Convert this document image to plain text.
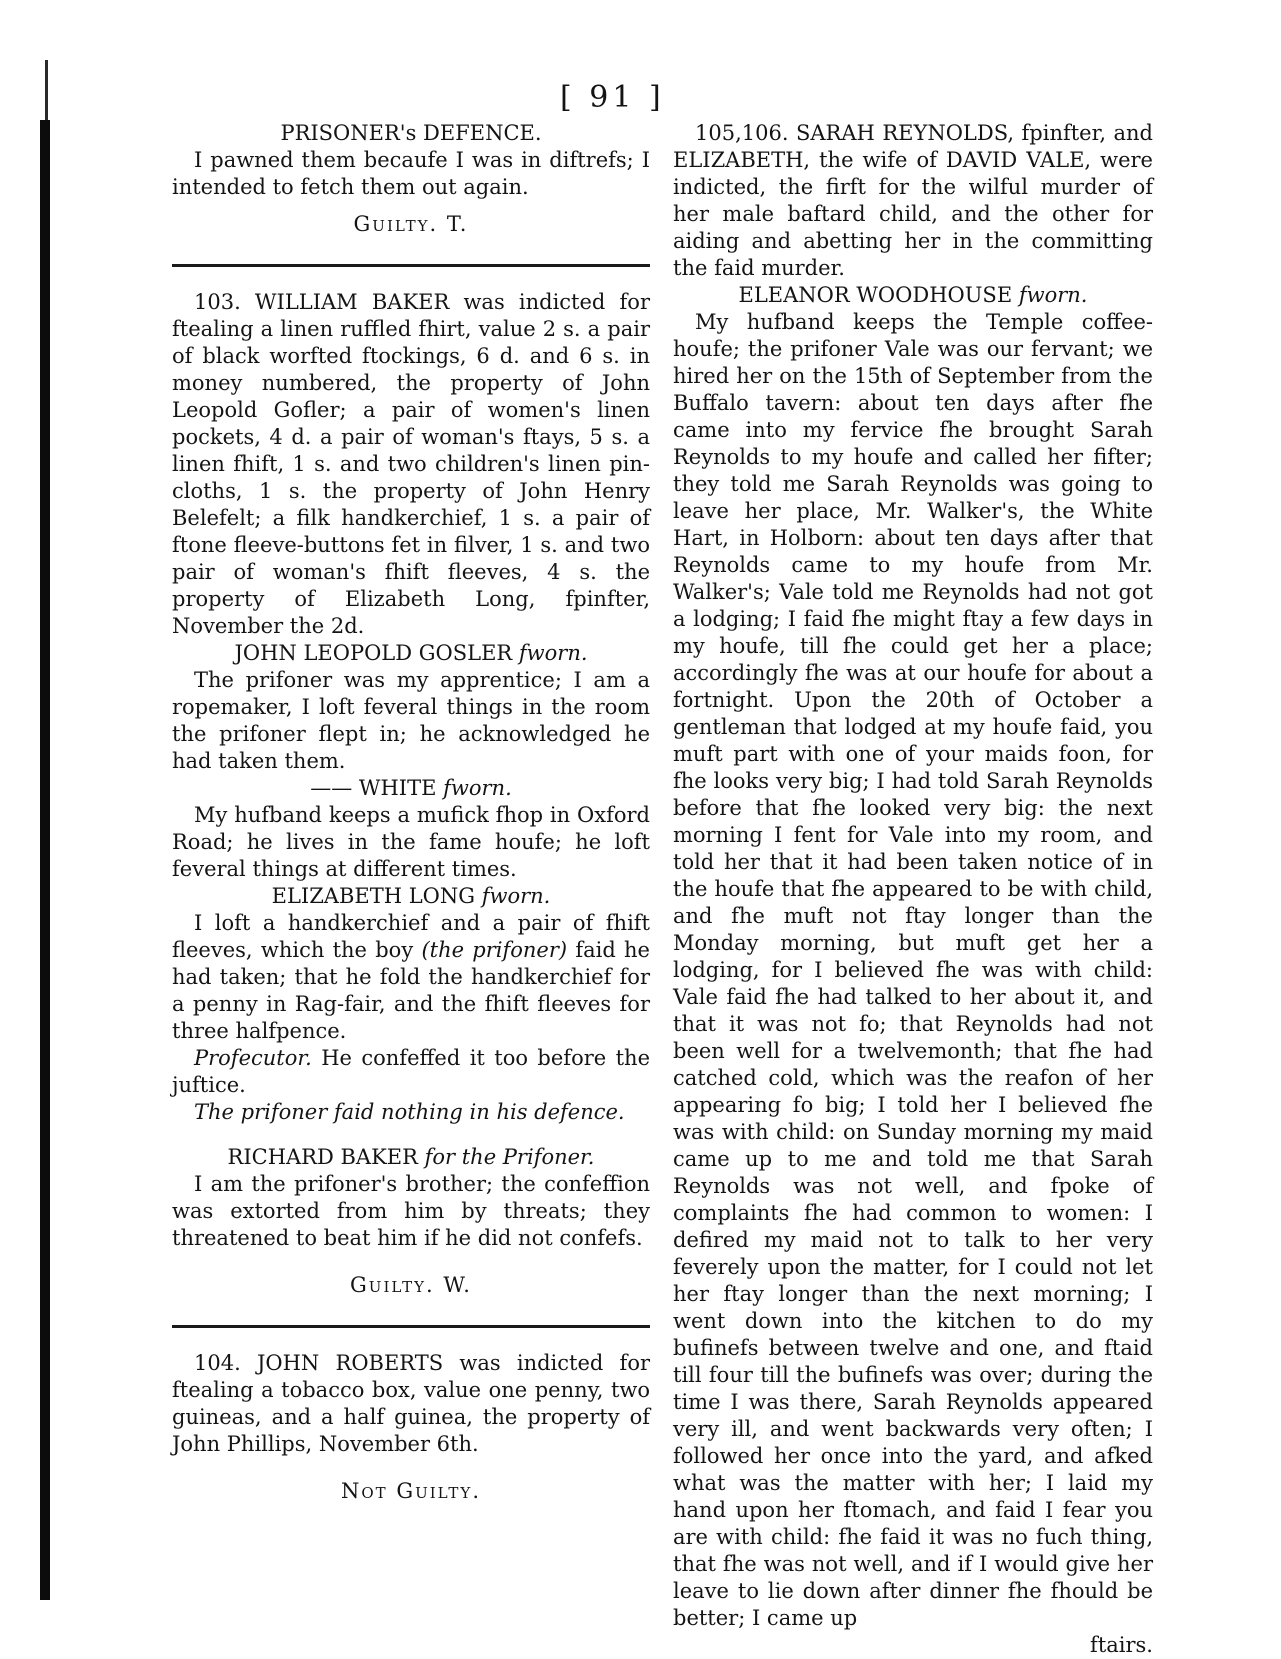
[ 91 ]

PRISONER's DEFENCE.

I pawned them becaufe I was in diftrefs; I intended to fetch them out again.

Guilty. T.

103. WILLIAM BAKER was indicted for ftealing a linen ruffled fhirt, value 2 s. a pair of black worfted ftockings, 6 d. and 6 s. in money numbered, the property of John Leopold Gofler; a pair of women's linen pockets, 4 d. a pair of woman's ftays, 5 s. a linen fhift, 1 s. and two children's linen pin-cloths, 1 s. the property of John Henry Belefelt; a filk handkerchief, 1 s. a pair of ftone fleeve-buttons fet in filver, 1 s. and two pair of woman's fhift fleeves, 4 s. the property of Elizabeth Long, fpinfter, November the 2d.

JOHN LEOPOLD GOSLER fworn.

The prifoner was my apprentice; I am a ropemaker, I loft feveral things in the room the prifoner flept in; he acknowledged he had taken them.

—— WHITE fworn.

My hufband keeps a mufick fhop in Oxford Road; he lives in the fame houfe; he loft feveral things at different times.

ELIZABETH LONG fworn.

I loft a handkerchief and a pair of fhift fleeves, which the boy (the prifoner) faid he had taken; that he fold the handkerchief for a penny in Rag-fair, and the fhift fleeves for three halfpence.

Profecutor. He confeffed it too before the juftice.

The prifoner faid nothing in his defence.

RICHARD BAKER for the Prifoner.

I am the prifoner's brother; the confeffion was extorted from him by threats; they threatened to beat him if he did not confefs.

Guilty. W.

104. JOHN ROBERTS was indicted for ftealing a tobacco box, value one penny, two guineas, and a half guinea, the property of John Phillips, November 6th.

Not Guilty.

105,106. SARAH REYNOLDS, fpinfter, and ELIZABETH, the wife of DAVID VALE, were indicted, the firft for the wilful murder of her male baftard child, and the other for aiding and abetting her in the committing the faid murder.

ELEANOR WOODHOUSE fworn.

My hufband keeps the Temple coffee-houfe; the prifoner Vale was our fervant; we hired her on the 15th of September from the Buffalo tavern: about ten days after fhe came into my fervice fhe brought Sarah Reynolds to my houfe and called her fifter; they told me Sarah Reynolds was going to leave her place, Mr. Walker's, the White Hart, in Holborn: about ten days after that Reynolds came to my houfe from Mr. Walker's; Vale told me Reynolds had not got a lodging; I faid fhe might ftay a few days in my houfe, till fhe could get her a place; accordingly fhe was at our houfe for about a fortnight. Upon the 20th of October a gentleman that lodged at my houfe faid, you muft part with one of your maids foon, for fhe looks very big; I had told Sarah Reynolds before that fhe looked very big: the next morning I fent for Vale into my room, and told her that it had been taken notice of in the houfe that fhe appeared to be with child, and fhe muft not ftay longer than the Monday morning, but muft get her a lodging, for I believed fhe was with child: Vale faid fhe had talked to her about it, and that it was not fo; that Reynolds had not been well for a twelvemonth; that fhe had catched cold, which was the reafon of her appearing fo big; I told her I believed fhe was with child: on Sunday morning my maid came up to me and told me that Sarah Reynolds was not well, and fpoke of complaints fhe had common to women: I defired my maid not to talk to her very feverely upon the matter, for I could not let her ftay longer than the next morning; I went down into the kitchen to do my bufinefs between twelve and one, and ftaid till four till the bufinefs was over; during the time I was there, Sarah Reynolds appeared very ill, and went backwards very often; I followed her once into the yard, and afked what was the matter with her; I laid my hand upon her ftomach, and faid I fear you are with child: fhe faid it was no fuch thing, that fhe was not well, and if I would give her leave to lie down after dinner fhe fhould be better; I came up

ftairs.
